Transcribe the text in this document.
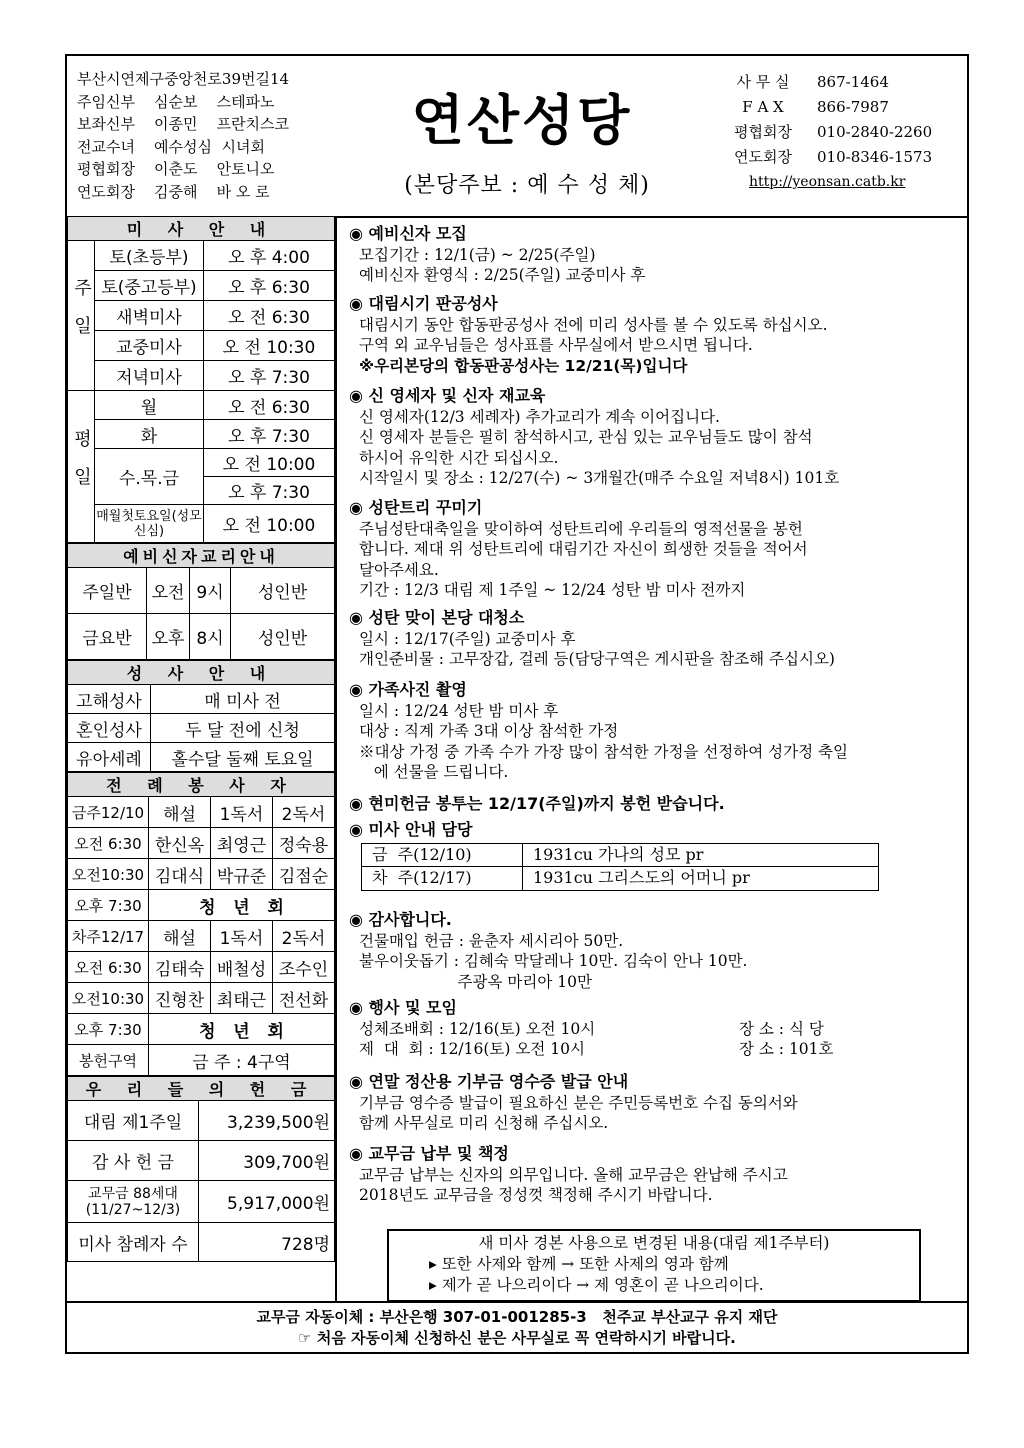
부산시연제구중앙천로39번길14
주임신부    심순보    스테파노
보좌신부    이종민    프란치스코
전교수녀    예수성심  시녀회
평협회장    이춘도    안토니오
연도회장    김중해    바 오 로
연산성당
(본당주보 : 예 수 성 체)
사 무 실	867-1464
F A X	866-7987
평협회장	010-2840-2260
연도회장	010-8346-1573
http://yeonsan.catb.kr
미 사 안 내		
주일	토(초등부)	오 후 4:00
	토(중고등부)	오 후 6:30
	새벽미사	오 전 6:30
	교중미사	오 전 10:30
	저녁미사	오 후 7:30
평일	월	오 전 6:30
	화	오 후 7:30
	수.목.금	오 전 10:00
		오 후 7:30
	매월첫토요일(성모신심)	오 전 10:00
예비신자교리안내			
주일반	오전	9시	성인반
금요반	오후	8시	성인반
성 사 안 내	
고해성사	매 미사 전
혼인성사	두 달 전에 신청
유아세례	홀수달 둘째 토요일
전 례 봉 사 자			
금주12/10	해설	1독서	2독서
오전 6:30	한신옥	최영근	정숙용
오전10:30	김대식	박규준	김점순
오후 7:30	청   년   회		
차주12/17	해설	1독서	2독서
오전 6:30	김태숙	배철성	조수인
오전10:30	진형찬	최태근	전선화
오후 7:30	청   년   회		
봉헌구역	금 주 : 4구역		
우 리 들 의 헌 금	
대림 제1주일	3,239,500원
감 사 헌 금	309,700원
교무금 88세대 (11/27~12/3)	5,917,000원
미사 참례자 수	728명
◉ 예비신자 모집
모집기간 : 12/1(금) ~ 2/25(주일)
예비신자 환영식 : 2/25(주일) 교중미사 후
◉ 대림시기 판공성사
대림시기 동안 합동판공성사 전에 미리 성사를 볼 수 있도록 하십시오.
구역 외 교우님들은 성사표를 사무실에서 받으시면 됩니다.
※우리본당의 합동판공성사는 12/21(목)입니다
◉ 신 영세자 및 신자 재교육
신 영세자(12/3 세례자) 추가교리가 계속 이어집니다.
신 영세자 분들은 필히 참석하시고, 관심 있는 교우님들도 많이 참석
하시어 유익한 시간 되십시오.
시작일시 및 장소 : 12/27(수) ~ 3개월간(매주 수요일 저녁8시) 101호
◉ 성탄트리 꾸미기
주님성탄대축일을 맞이하여 성탄트리에 우리들의 영적선물을 봉헌
합니다. 제대 위 성탄트리에 대림기간 자신이 희생한 것들을 적어서
달아주세요.
기간 : 12/3 대림 제 1주일 ~ 12/24 성탄 밤 미사 전까지
◉ 성탄 맞이 본당 대청소
일시 : 12/17(주일) 교중미사 후
개인준비물 : 고무장갑, 걸레 등(담당구역은 게시판을 참조해 주십시오)
◉ 가족사진 촬영
일시 : 12/24 성탄 밤 미사 후
대상 : 직계 가족 3대 이상 참석한 가정
※대상 가정 중 가족 수가 가장 많이 참석한 가정을 선정하여 성가정 축일
에 선물을 드립니다.
◉ 현미헌금 봉투는 12/17(주일)까지 봉헌 받습니다.
◉ 미사 안내 담당
금  주(12/10)	1931cu 가나의 성모 pr
차  주(12/17)	1931cu 그리스도의 어머니 pr
◉ 감사합니다.
건물매입 헌금 : 윤춘자 세시리아 50만.
불우이웃돕기 : 김혜숙 막달레나 10만. 김숙이 안나 10만.
주광옥 마리아 10만
◉ 행사 및 모임
성체조배회 : 12/16(토) 오전 10시	장 소 : 식 당
제  대  회 : 12/16(토) 오전 10시	장 소 : 101호
◉ 연말 정산용 기부금 영수증 발급 안내
기부금 영수증 발급이 필요하신 분은 주민등록번호 수집 동의서와
함께 사무실로 미리 신청해 주십시오.
◉ 교무금 납부 및 책정
교무금 납부는 신자의 의무입니다. 올해 교무금은 완납해 주시고
2018년도 교무금을 정성껏 책정해 주시기 바랍니다.
새 미사 경본 사용으로 변경된 내용(대림 제1주부터)
▸ 또한 사제와 함께 → 또한 사제의 영과 함께
▸ 제가 곧 나으리이다 → 제 영혼이 곧 나으리이다.
교무금 자동이체 : 부산은행 307-01-001285-3   천주교 부산교구 유지 재단
☞ 처음 자동이체 신청하신 분은 사무실로 꼭 연락하시기 바랍니다.
